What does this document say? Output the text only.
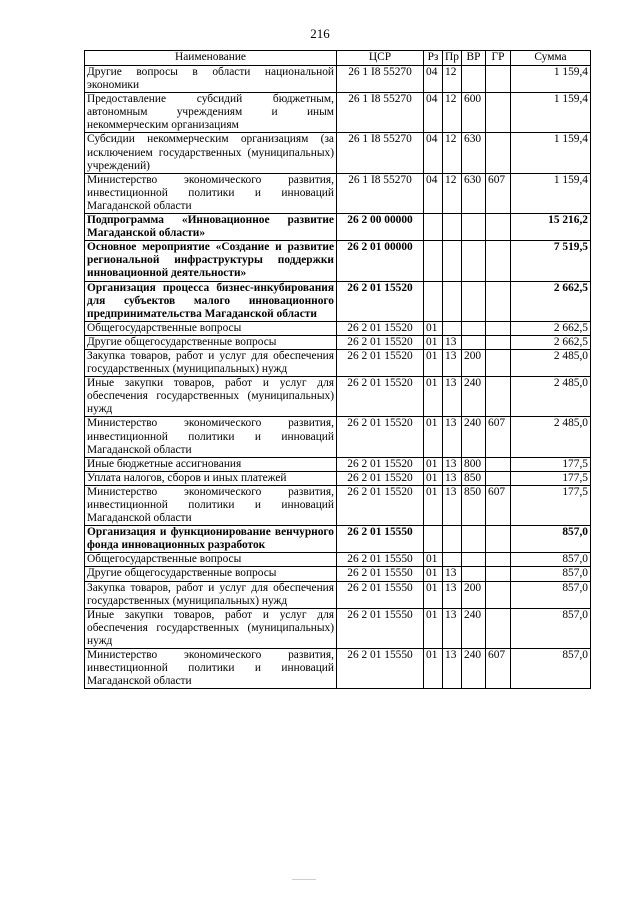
216
Наименование	ЦСР	Рз	Пр	ВР	ГР	Сумма
Другие вопросы в области национальной экономики	26 1 I8 55270	04	12			1 159,4
Предоставление субсидий бюджетным, автономным учреждениям и иным некоммерческим организациям	26 1 I8 55270	04	12	600		1 159,4
Субсидии некоммерческим организациям (за исключением государственных (муниципальных) учреждений)	26 1 I8 55270	04	12	630		1 159,4
Министерство экономического развития, инвестиционной политики и инноваций Магаданской области	26 1 I8 55270	04	12	630	607	1 159,4
Подпрограмма «Инновационное развитие Магаданской области»	26 2 00 00000					15 216,2
Основное мероприятие «Создание и развитие региональной инфраструктуры поддержки инновационной деятельности»	26 2 01 00000					7 519,5
Организация процесса бизнес-инкубирования для субъектов малого инновационного предпринимательства Магаданской области	26 2 01 15520					2 662,5
Общегосударственные вопросы	26 2 01 15520	01				2 662,5
Другие общегосударственные вопросы	26 2 01 15520	01	13			2 662,5
Закупка товаров, работ и услуг для обеспечения государственных (муниципальных) нужд	26 2 01 15520	01	13	200		2 485,0
Иные закупки товаров, работ и услуг для обеспечения государственных (муниципальных) нужд	26 2 01 15520	01	13	240		2 485,0
Министерство экономического развития, инвестиционной политики и инноваций Магаданской области	26 2 01 15520	01	13	240	607	2 485,0
Иные бюджетные ассигнования	26 2 01 15520	01	13	800		177,5
Уплата налогов, сборов и иных платежей	26 2 01 15520	01	13	850		177,5
Министерство экономического развития, инвестиционной политики и инноваций Магаданской области	26 2 01 15520	01	13	850	607	177,5
Организация и функционирование венчурного фонда инновационных разработок	26 2 01 15550					857,0
Общегосударственные вопросы	26 2 01 15550	01				857,0
Другие общегосударственные вопросы	26 2 01 15550	01	13			857,0
Закупка товаров, работ и услуг для обеспечения государственных (муниципальных) нужд	26 2 01 15550	01	13	200		857,0
Иные закупки товаров, работ и услуг для обеспечения государственных (муниципальных) нужд	26 2 01 15550	01	13	240		857,0
Министерство экономического развития, инвестиционной политики и инноваций Магаданской области	26 2 01 15550	01	13	240	607	857,0
